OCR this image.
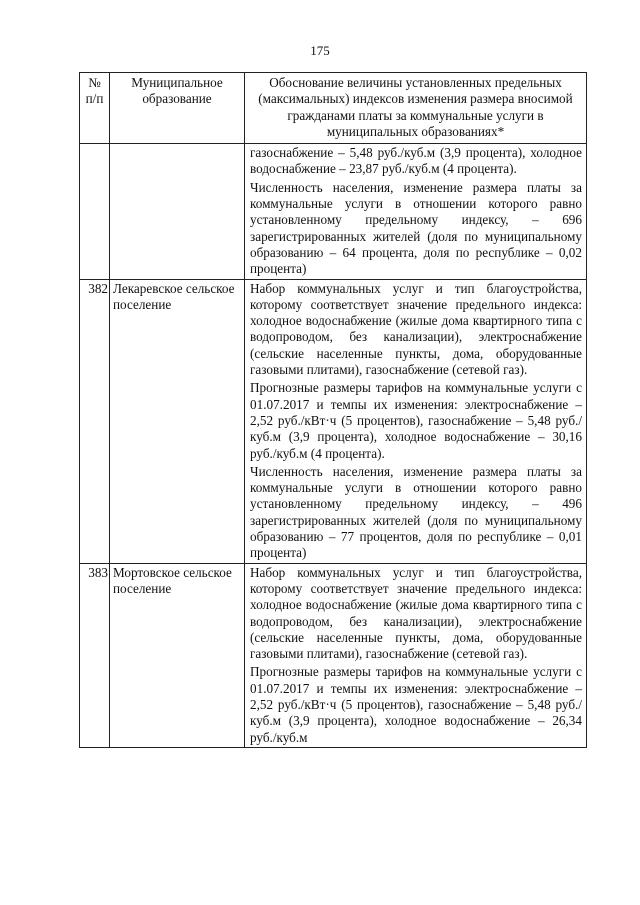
175
№ п/п	Муниципальное образование	Обоснование величины установленных предельных (максимальных) индексов изменения размера вносимой гражданами платы за коммунальные услуги в муниципальных образованиях*

		газоснабжение – 5,48 руб./куб.м (3,9 процента), холодное водоснабжение – 23,87 руб./куб.м (4 процента).

Численность населения, изменение размера платы за коммунальные услуги в отношении которого равно установленному предельному индексу, – 696 зарегистрированных жителей (доля по муниципальному образованию – 64 процента, доля по республике – 0,02 процента)

382	Лекаревское сельское поселение	Набор коммунальных услуг и тип благоустройства, которому соответствует значение предельного индекса: холодное водоснабжение (жилые дома квартирного типа с водопроводом, без канализации), электроснабжение (сельские населенные пункты, дома, оборудованные газовыми плитами), газоснабжение (сетевой газ).

Прогнозные размеры тарифов на коммунальные услуги с 01.07.2017 и темпы их изменения: электроснабжение – 2,52 руб./кВт·ч (5 процентов), газоснабжение – 5,48 руб./куб.м (3,9 процента), холодное водоснабжение – 30,16 руб./куб.м (4 процента).

Численность населения, изменение размера платы за коммунальные услуги в отношении которого равно установленному предельному индексу, – 496 зарегистрированных жителей (доля по муниципальному образованию – 77 процентов, доля по республике – 0,01 процента)

383	Мортовское сельское поселение	Набор коммунальных услуг и тип благоустройства, которому соответствует значение предельного индекса: холодное водоснабжение (жилые дома квартирного типа с водопроводом, без канализации), электроснабжение (сельские населенные пункты, дома, оборудованные газовыми плитами), газоснабжение (сетевой газ).

Прогнозные размеры тарифов на коммунальные услуги с 01.07.2017 и темпы их изменения: электроснабжение – 2,52 руб./кВт·ч (5 процентов), газоснабжение – 5,48 руб./куб.м (3,9 процента), холодное водоснабжение – 26,34 руб./куб.м
